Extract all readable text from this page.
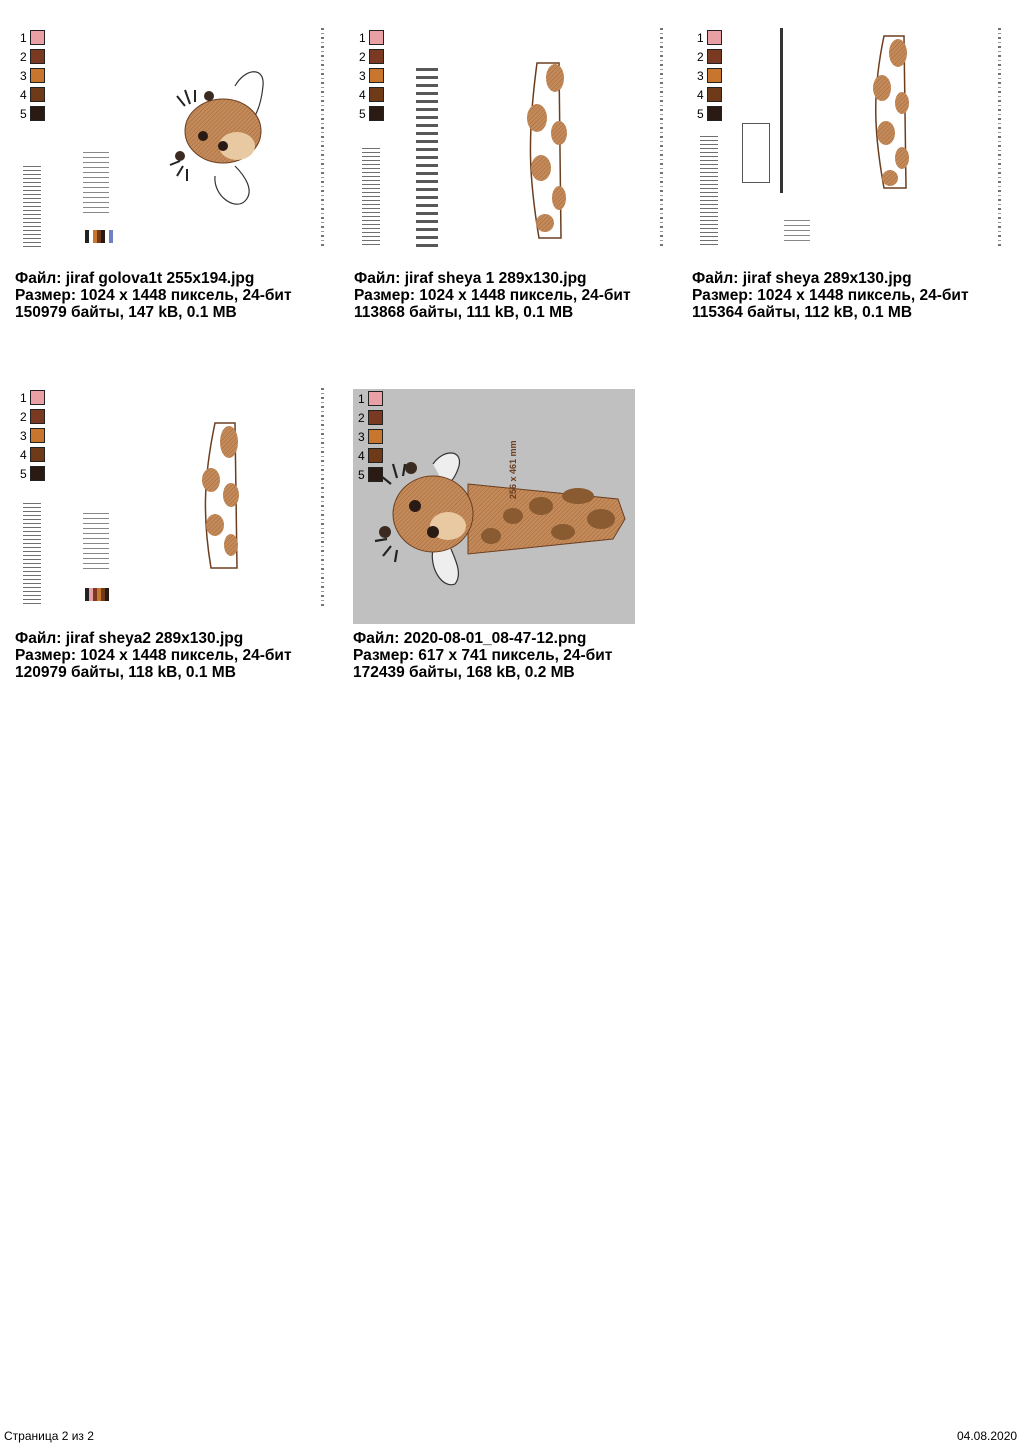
1
2
3
4
5
Файл: jiraf golova1t 255x194.jpg
Размер: 1024 x 1448 пиксель, 24-бит
150979 байты, 147 kB, 0.1 MB
1
2
3
4
5
Файл: jiraf sheya 1 289x130.jpg
Размер: 1024 x 1448 пиксель, 24-бит
113868 байты, 111 kB, 0.1 MB
1
2
3
4
5
Файл: jiraf sheya 289x130.jpg
Размер: 1024 x 1448 пиксель, 24-бит
115364 байты, 112 kB, 0.1 MB
1
2
3
4
5
Файл: jiraf sheya2 289x130.jpg
Размер: 1024 x 1448 пиксель, 24-бит
120979 байты, 118 kB, 0.1 MB
1
2
3
4
5	256 x 461 mm
Файл: 2020-08-01_08-47-12.png
Размер: 617 x 741 пиксель, 24-бит
172439 байты, 168 kB, 0.2 MB
Страница 2 из 2	04.08.2020
